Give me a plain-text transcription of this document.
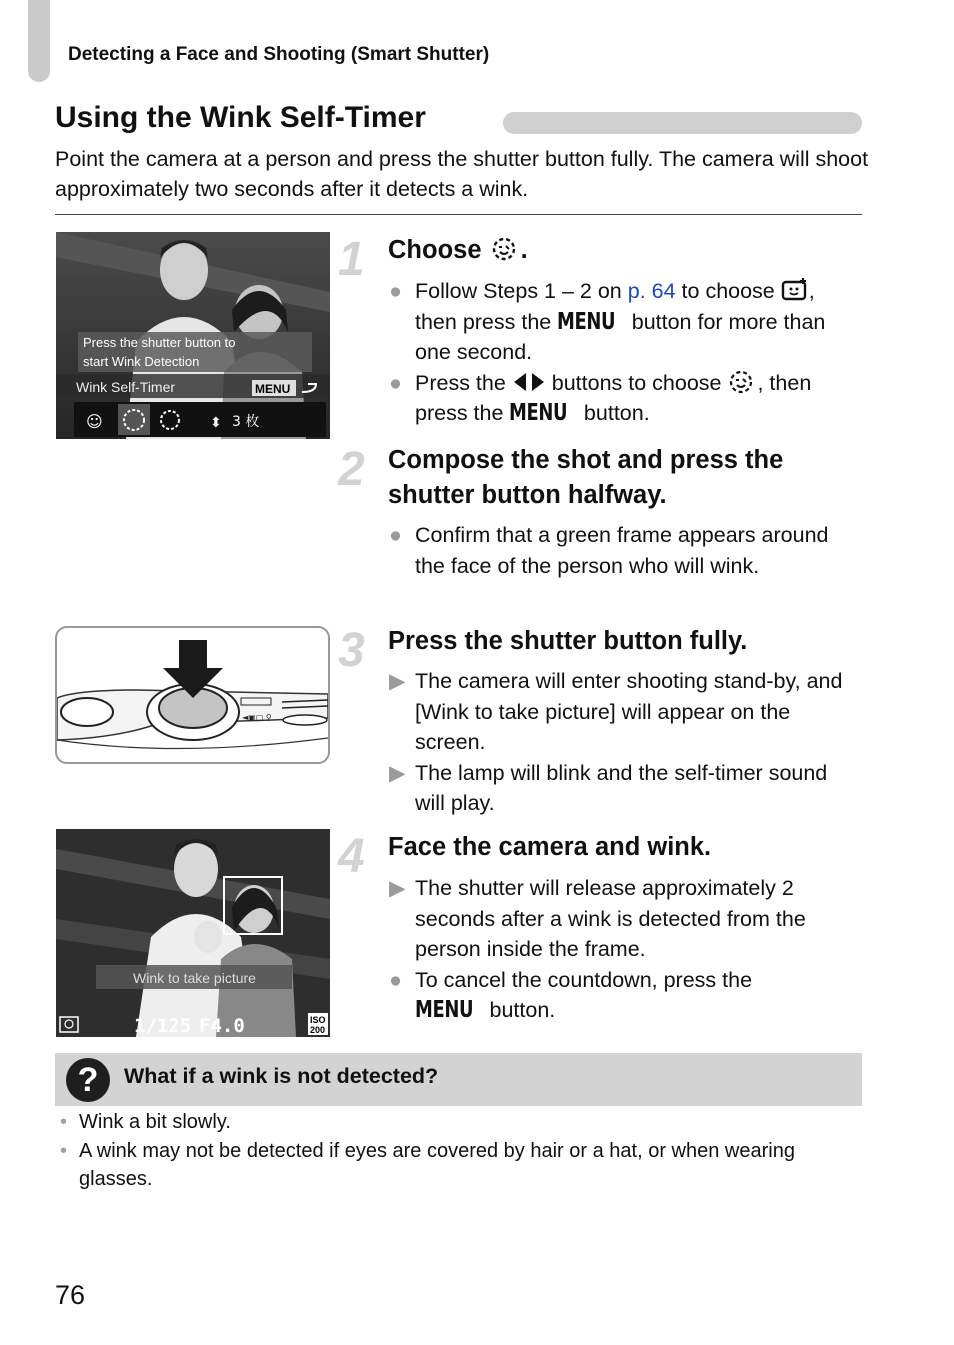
Detecting a Face and Shooting (Smart Shutter)
Using the Wink Self-Timer
Point the camera at a person and press the shutter button fully. The camera will shoot approximately two seconds after it detects a wink.
Press the shutter button to
start Wink Detection
Wink Self-Timer	MENU
☺	⬍ 3 枚
1 Choose .
● Follow Steps 1 – 2 on p. 64 to choose ,
then press the MENU button for more than one second.
● Press the  buttons to choose , then press the MENU button.
2 Compose the shot and press the shutter button halfway.
● Confirm that a green frame appears around the face of the person who will wink.
◄▣▢ ⚲
3 Press the shutter button fully.
▶ The camera will enter shooting stand-by, and [Wink to take picture] will appear on the screen.
▶ The lamp will blink and the self-timer sound will play.
Wink to take picture
1/125 F4.0	ISO
200
4 Face the camera and wink.
▶ The shutter will release approximately 2 seconds after a wink is detected from the person inside the frame.
● To cancel the countdown, press the
MENU button.
?	What if a wink is not detected?
• Wink a bit slowly.
• A wink may not be detected if eyes are covered by hair or a hat, or when wearing glasses.
76
